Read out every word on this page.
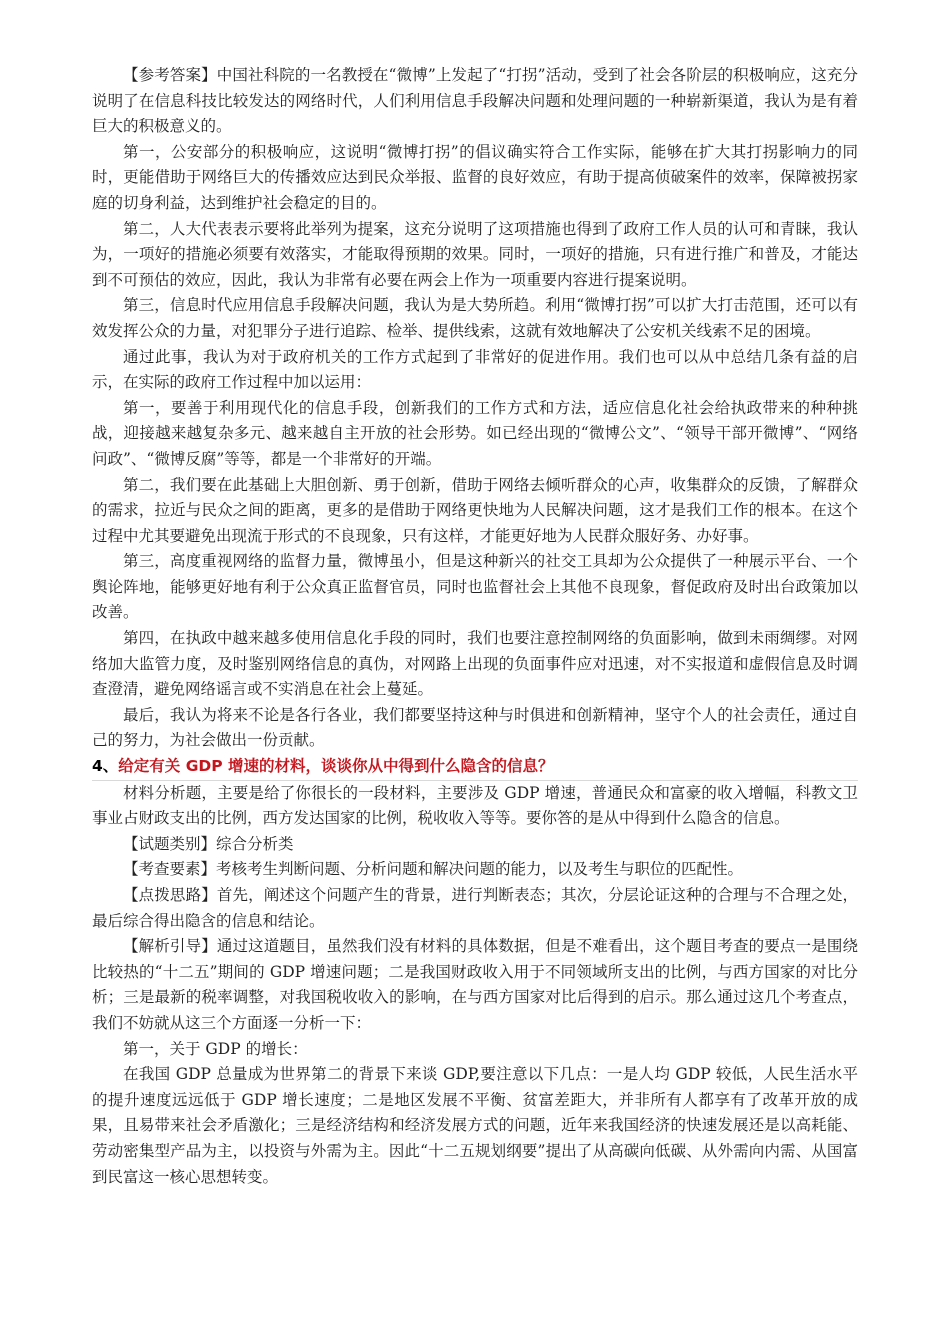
【参考答案】中国社科院的一名教授在“微博”上发起了“打拐”活动，受到了社会各阶层的积极响应，这充分说明了在信息科技比较发达的网络时代，人们利用信息手段解决问题和处理问题的一种崭新渠道，我认为是有着巨大的积极意义的。

第一，公安部分的积极响应，这说明“微博打拐”的倡议确实符合工作实际，能够在扩大其打拐影响力的同时，更能借助于网络巨大的传播效应达到民众举报、监督的良好效应，有助于提高侦破案件的效率，保障被拐家庭的切身利益，达到维护社会稳定的目的。

第二，人大代表表示要将此举列为提案，这充分说明了这项措施也得到了政府工作人员的认可和青睐，我认为，一项好的措施必须要有效落实，才能取得预期的效果。同时，一项好的措施，只有进行推广和普及，才能达到不可预估的效应，因此，我认为非常有必要在两会上作为一项重要内容进行提案说明。

第三，信息时代应用信息手段解决问题，我认为是大势所趋。利用“微博打拐”可以扩大打击范围，还可以有效发挥公众的力量，对犯罪分子进行追踪、检举、提供线索，这就有效地解决了公安机关线索不足的困境。

通过此事，我认为对于政府机关的工作方式起到了非常好的促进作用。我们也可以从中总结几条有益的启示，在实际的政府工作过程中加以运用：

第一，要善于利用现代化的信息手段，创新我们的工作方式和方法，适应信息化社会给执政带来的种种挑战，迎接越来越复杂多元、越来越自主开放的社会形势。如已经出现的“微博公文”、“领导干部开微博”、“网络问政”、“微博反腐”等等，都是一个非常好的开端。

第二，我们要在此基础上大胆创新、勇于创新，借助于网络去倾听群众的心声，收集群众的反馈，了解群众的需求，拉近与民众之间的距离，更多的是借助于网络更快地为人民解决问题，这才是我们工作的根本。在这个过程中尤其要避免出现流于形式的不良现象，只有这样，才能更好地为人民群众服好务、办好事。

第三，高度重视网络的监督力量，微博虽小，但是这种新兴的社交工具却为公众提供了一种展示平台、一个舆论阵地，能够更好地有利于公众真正监督官员，同时也监督社会上其他不良现象，督促政府及时出台政策加以改善。

第四，在执政中越来越多使用信息化手段的同时，我们也要注意控制网络的负面影响，做到未雨绸缪。对网络加大监管力度，及时鉴别网络信息的真伪，对网路上出现的负面事件应对迅速，对不实报道和虚假信息及时调查澄清，避免网络谣言或不实消息在社会上蔓延。

最后，我认为将来不论是各行各业，我们都要坚持这种与时俱进和创新精神，坚守个人的社会责任，通过自己的努力，为社会做出一份贡献。

4、给定有关 GDP 增速的材料，谈谈你从中得到什么隐含的信息？

材料分析题，主要是给了你很长的一段材料，主要涉及 GDP 增速，普通民众和富豪的收入增幅，科教文卫事业占财政支出的比例，西方发达国家的比例，税收收入等等。要你答的是从中得到什么隐含的信息。

【试题类别】综合分析类

【考查要素】考核考生判断问题、分析问题和解决问题的能力，以及考生与职位的匹配性。

【点拨思路】首先，阐述这个问题产生的背景，进行判断表态；其次，分层论证这种的合理与不合理之处，最后综合得出隐含的信息和结论。

【解析引导】通过这道题目，虽然我们没有材料的具体数据，但是不难看出，这个题目考查的要点一是围绕比较热的“十二五”期间的 GDP 增速问题；二是我国财政收入用于不同领域所支出的比例，与西方国家的对比分析；三是最新的税率调整，对我国税收收入的影响，在与西方国家对比后得到的启示。那么通过这几个考查点，我们不妨就从这三个方面逐一分析一下：

第一，关于 GDP 的增长：

在我国 GDP 总量成为世界第二的背景下来谈 GDP,要注意以下几点：一是人均 GDP 较低，人民生活水平的提升速度远远低于 GDP 增长速度；二是地区发展不平衡、贫富差距大，并非所有人都享有了改革开放的成果，且易带来社会矛盾激化；三是经济结构和经济发展方式的问题，近年来我国经济的快速发展还是以高耗能、劳动密集型产品为主，以投资与外需为主。因此“十二五规划纲要”提出了从高碳向低碳、从外需向内需、从国富到民富这一核心思想转变。
